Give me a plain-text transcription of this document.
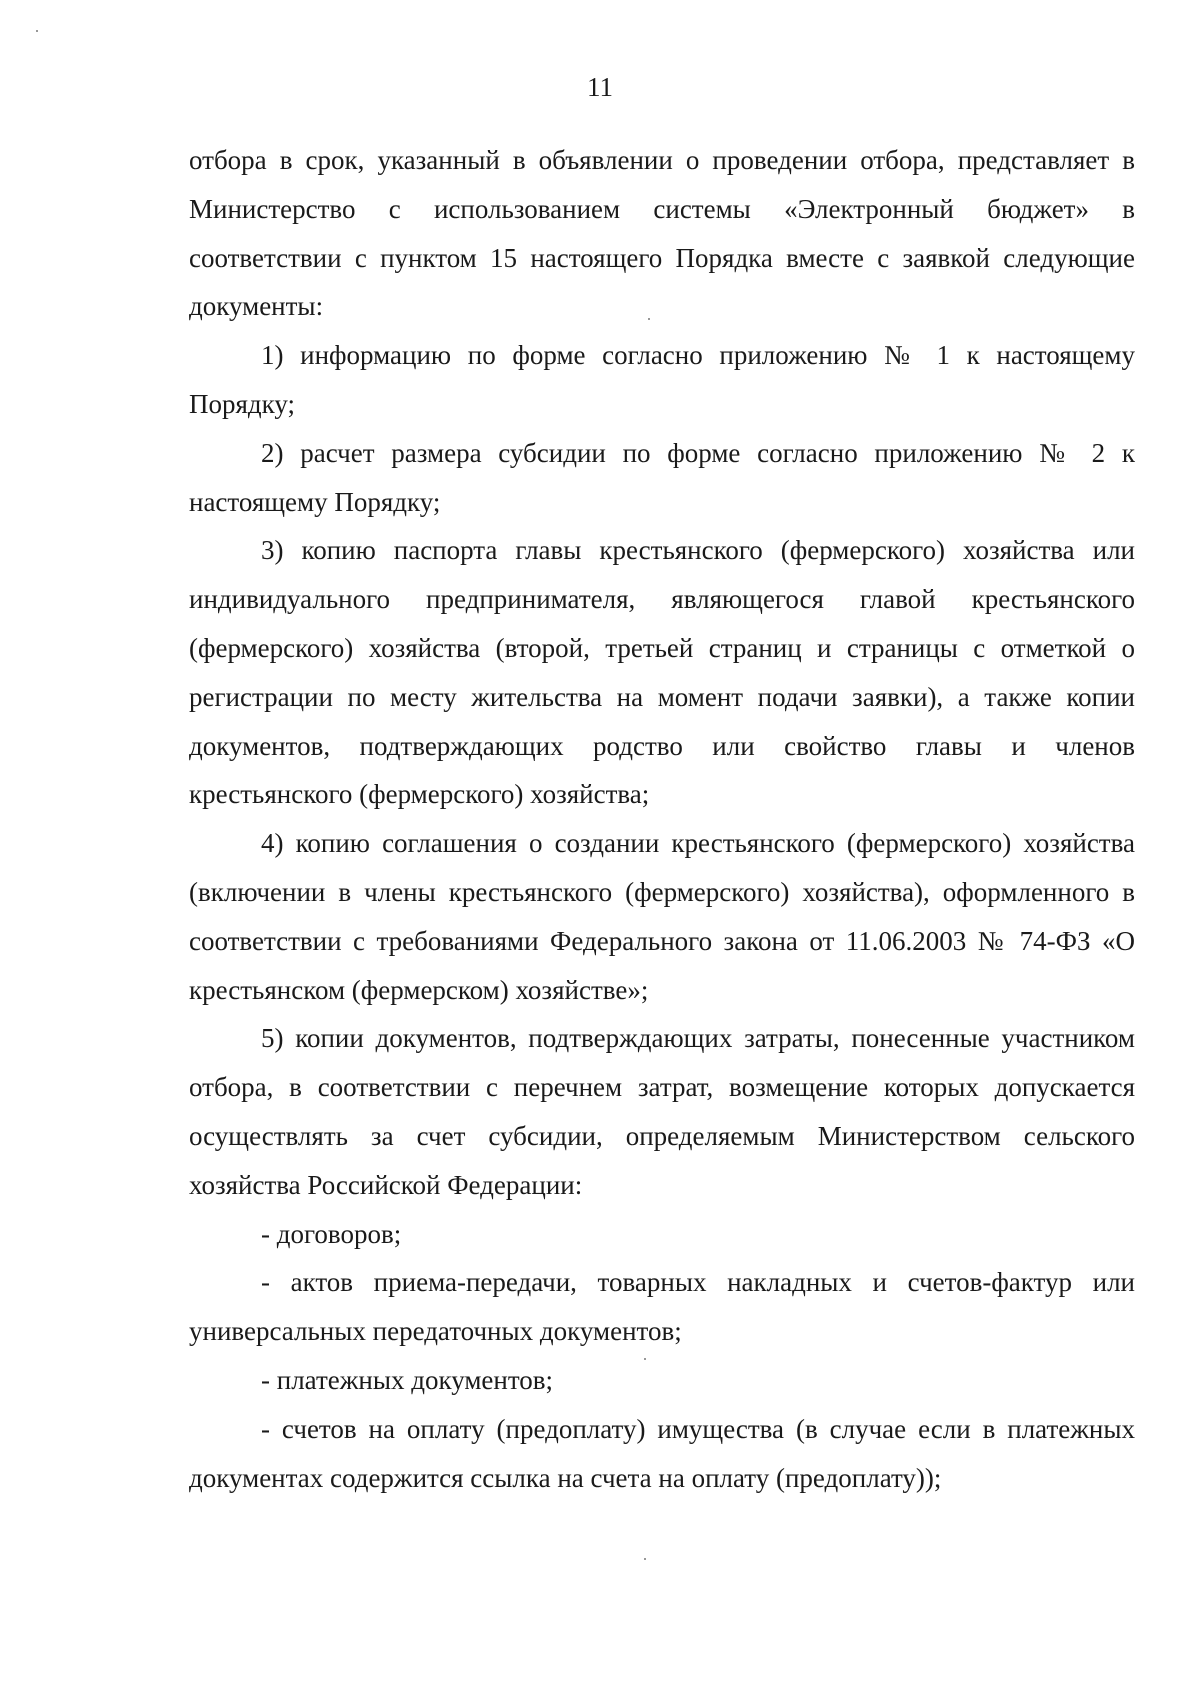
11

отбора в срок, указанный в объявлении о проведении отбора, представляет в Министерство с использованием системы «Электронный бюджет» в соответствии с пунктом 15 настоящего Порядка вместе с заявкой следующие документы:

1) информацию по форме согласно приложению № 1 к настоящему Порядку;

2) расчет размера субсидии по форме согласно приложению № 2 к настоящему Порядку;

3) копию паспорта главы крестьянского (фермерского) хозяйства или индивидуального предпринимателя, являющегося главой крестьянского (фермерского) хозяйства (второй, третьей страниц и страницы с отметкой о регистрации по месту жительства на момент подачи заявки), а также копии документов, подтверждающих родство или свойство главы и членов крестьянского (фермерского) хозяйства;

4) копию соглашения о создании крестьянского (фермерского) хозяйства (включении в члены крестьянского (фермерского) хозяйства), оформленного в соответствии с требованиями Федерального закона от 11.06.2003 № 74-ФЗ «О крестьянском (фермерском) хозяйстве»;

5) копии документов, подтверждающих затраты, понесенные участником отбора, в соответствии с перечнем затрат, возмещение которых допускается осуществлять за счет субсидии, определяемым Министерством сельского хозяйства Российской Федерации:

- договоров;

- актов приема-передачи, товарных накладных и счетов-фактур или универсальных передаточных документов;

- платежных документов;

- счетов на оплату (предоплату) имущества (в случае если в платежных документах содержится ссылка на счета на оплату (предоплату));
